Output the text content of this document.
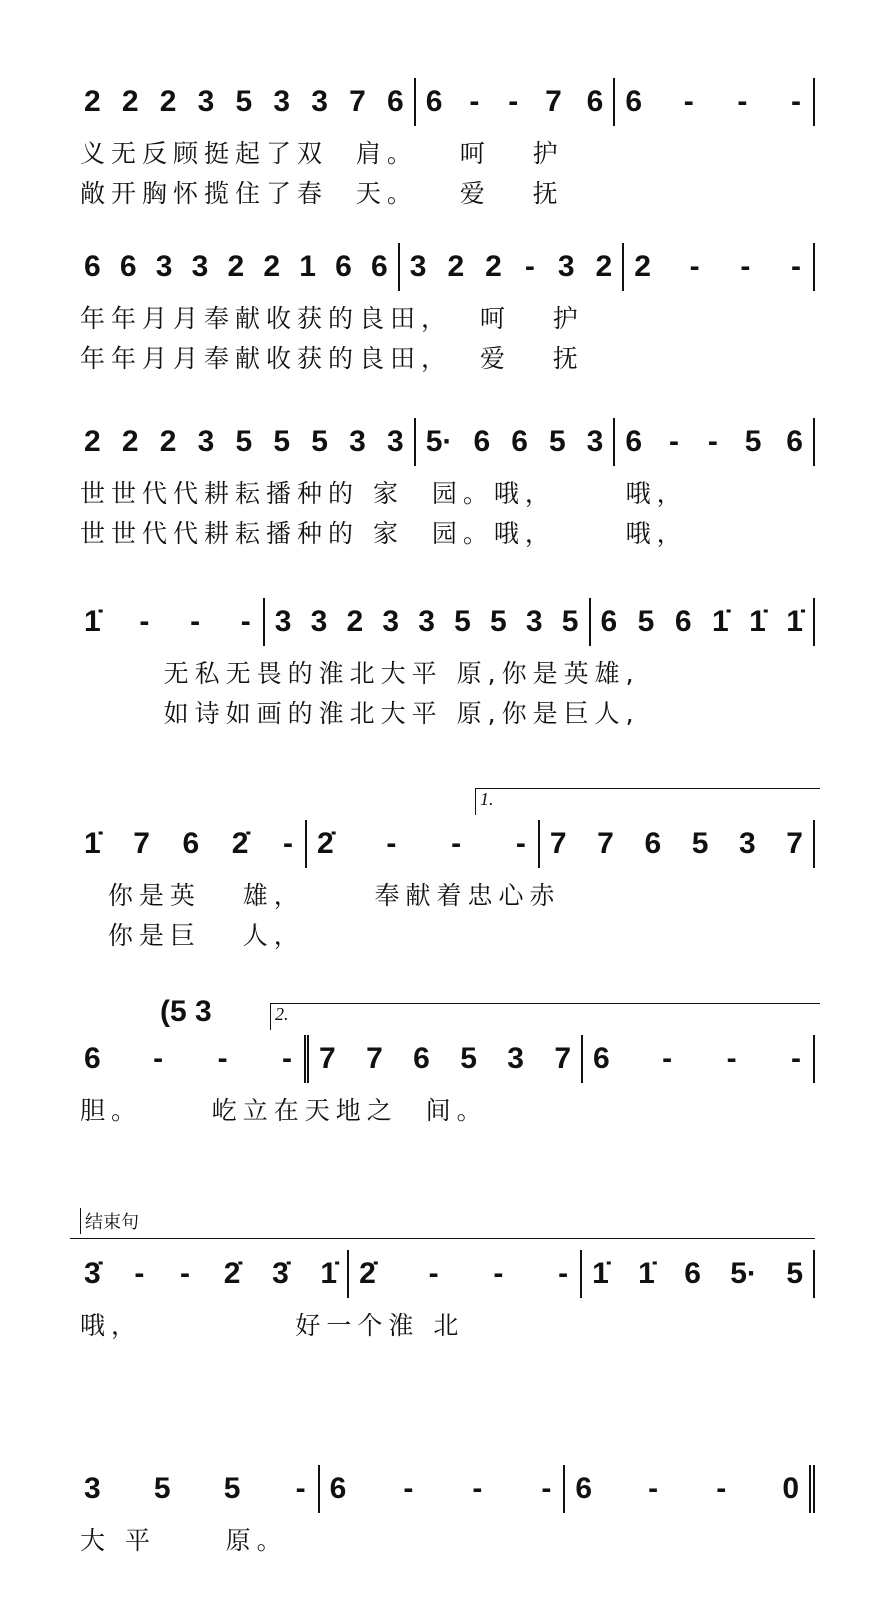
2 2 2 3 5 3 3 7 6 6 - - 7 6 6 - - -
义无反顾挺起了双  肩。   呵   护
敞开胸怀揽住了春  天。   爱   抚
6 6 3 3 2 2 1 6 6 3 2 2 - 3 2 2 - - -
年年月月奉献收获的良田，  呵   护
年年月月奉献收获的良田，  爱   抚
2 2 2 3 5 5 5 3 3 5· 6 6 5 3 6 - - 5 6
世世代代耕耘播种的 家  园。哦，     哦，
世世代代耕耘播种的 家  园。哦，     哦，
1̇ - - - 3 3 2 3 3 5 5 3 5 6 5 6 1̇ 1̇ 1̇
无私无畏的淮北大平 原,你是英雄,
如诗如画的淮北大平 原,你是巨人,
1̇ 7 6 2̇ - 2̇ - - - 7 7 6 5 3 7
你是英   雄，     奉献着忠心赤
你是巨   人，
1.
6 - - - 7 7 6 5 3 7 6 - - -
胆。     屹立在天地之  间。
2.
(5 3
3̇ - - 2̇ 3̇ 1̇ 2̇ - - - 1̇ 1̇ 6 5· 5
哦，           好一个淮 北
结束句
3 5 5 - 6 - - - 6 - - 0
大 平     原。
